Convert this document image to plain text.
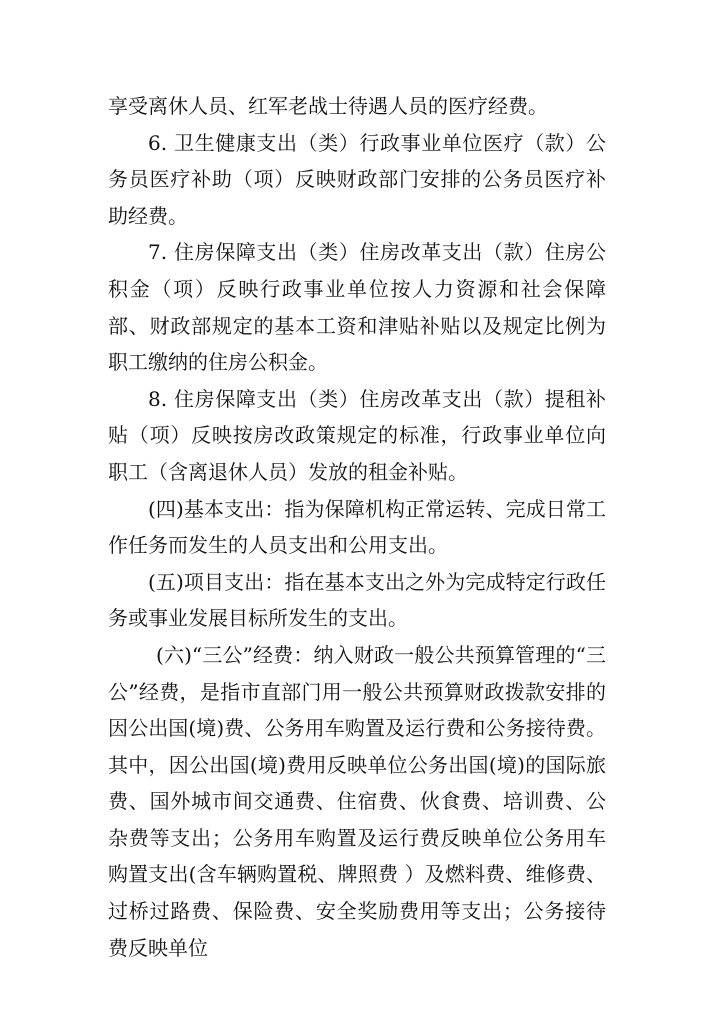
享受离休人员、红军老战士待遇人员的医疗经费。

6. 卫生健康支出（类）行政事业单位医疗（款）公务员医疗补助（项）反映财政部门安排的公务员医疗补助经费。

7. 住房保障支出（类）住房改革支出（款）住房公积金（项）反映行政事业单位按人力资源和社会保障部、财政部规定的基本工资和津贴补贴以及规定比例为职工缴纳的住房公积金。

8. 住房保障支出（类）住房改革支出（款）提租补贴（项）反映按房改政策规定的标准，行政事业单位向职工（含离退休人员）发放的租金补贴。

(四)基本支出：指为保障机构正常运转、完成日常工作任务而发生的人员支出和公用支出。

(五)项目支出：指在基本支出之外为完成特定行政任务或事业发展目标所发生的支出。

(六)“三公”经费：纳入财政一般公共预算管理的“三公”经费，是指市直部门用一般公共预算财政拨款安排的因公出国(境)费、公务用车购置及运行费和公务接待费。其中，因公出国(境)费用反映单位公务出国(境)的国际旅费、国外城市间交通费、住宿费、伙食费、培训费、公杂费等支出；公务用车购置及运行费反映单位公务用车购置支出(含车辆购置税、牌照费 ）及燃料费、维修费、过桥过路费、保险费、安全奖励费用等支出；公务接待费反映单位
